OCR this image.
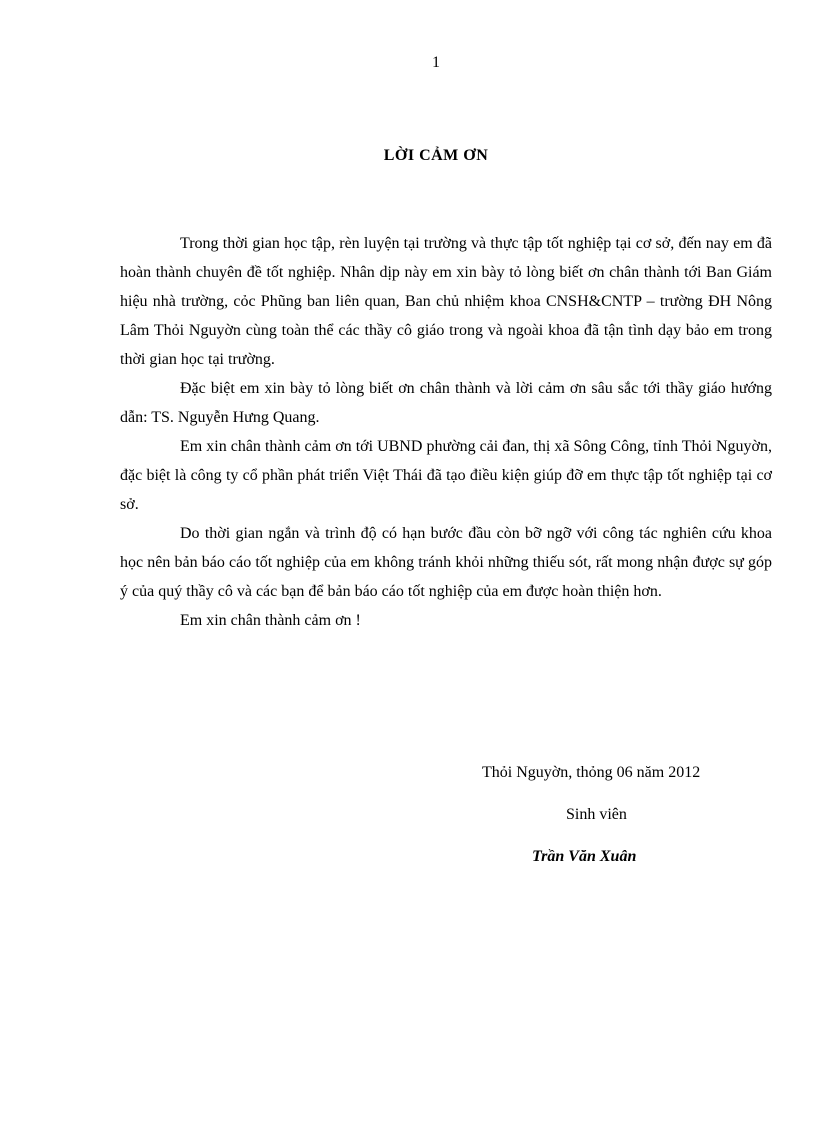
1
LỜI CẢM ƠN

Trong thời gian học tập, rèn luyện tại trường và thực tập tốt nghiệp tại cơ sở, đến nay em đã hoàn thành chuyên đề tốt nghiệp. Nhân dịp này em xin bày tỏ lòng biết ơn chân thành tới Ban Giám hiệu nhà trường, cỏc Phũng ban liên quan, Ban chủ nhiệm khoa CNSH&CNTP – trường ĐH Nông Lâm Thỏi Nguyờn cùng toàn thể các thầy cô giáo trong và ngoài khoa đã tận tình dạy bảo em trong thời gian học tại trường.

Đặc biệt em xin bày tỏ lòng biết ơn chân thành và lời cảm ơn sâu sắc tới thầy giáo hướng dẫn: TS. Nguyễn Hưng Quang.

Em xin chân thành cảm ơn tới UBND phường cải đan, thị xã Sông Công, tỉnh Thỏi Nguyờn, đặc biệt là công ty cổ phần phát triển Việt Thái đã tạo điều kiện giúp đỡ em thực tập tốt nghiệp tại cơ sở.

Do thời gian ngắn và trình độ có hạn bước đầu còn bỡ ngỡ với công tác nghiên cứu khoa học nên bản báo cáo tốt nghiệp của em không tránh khỏi những thiếu sót, rất mong nhận được sự góp ý của quý thầy cô và các bạn để bản báo cáo tốt nghiệp của em được hoàn thiện hơn.

Em xin chân thành cảm ơn !

Thỏi Nguyờn, thỏng 06 năm 2012
Sinh viên
Trần Văn Xuân
